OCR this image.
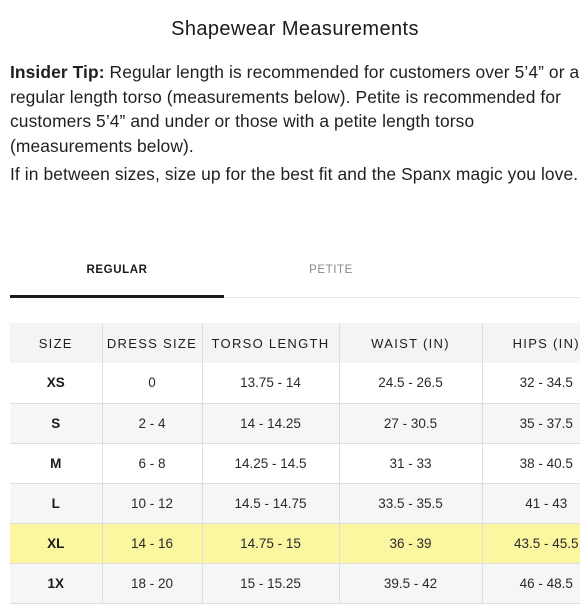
Shapewear Measurements

Insider Tip: Regular length is recommended for customers over 5’4” or a regular length torso (measurements below). Petite is recommended for customers 5’4” and under or those with a petite length torso (measurements below).

If in between sizes, size up for the best fit and the Spanx magic you love.

REGULAR	PETITE
SIZE	DRESS SIZE	TORSO LENGTH	WAIST (IN)	HIPS (IN)
XS	0	13.75 - 14	24.5 - 26.5	32 - 34.5
S	2 - 4	14 - 14.25	27 - 30.5	35 - 37.5
M	6 - 8	14.25 - 14.5	31 - 33	38 - 40.5
L	10 - 12	14.5 - 14.75	33.5 - 35.5	41 - 43
XL	14 - 16	14.75 - 15	36 - 39	43.5 - 45.5
1X	18 - 20	15 - 15.25	39.5 - 42	46 - 48.5
